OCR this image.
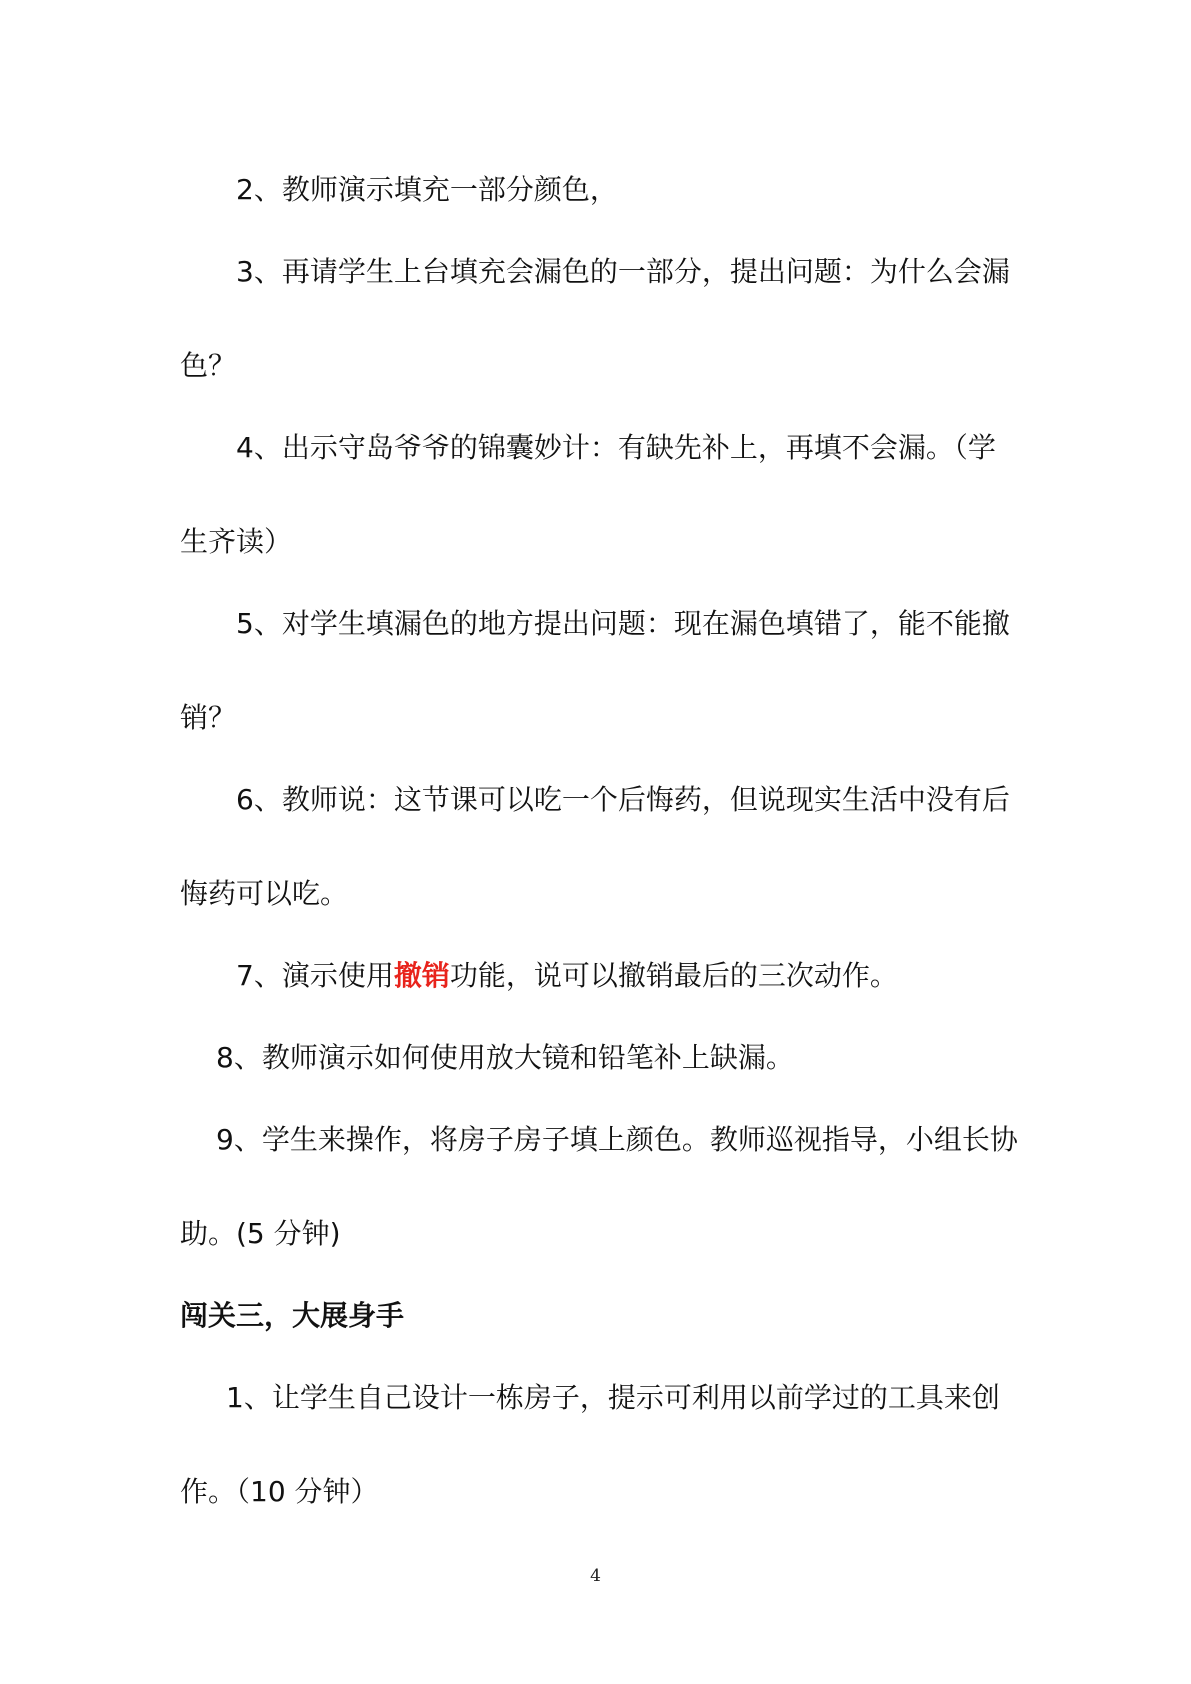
2、教师演示填充一部分颜色，

3、再请学生上台填充会漏色的一部分，提出问题：为什么会漏

色？

4、出示守岛爷爷的锦囊妙计：有缺先补上，再填不会漏。（学

生齐读）

5、对学生填漏色的地方提出问题：现在漏色填错了，能不能撤

销？

6、教师说：这节课可以吃一个后悔药，但说现实生活中没有后

悔药可以吃。

7、演示使用撤销功能，说可以撤销最后的三次动作。

8、教师演示如何使用放大镜和铅笔补上缺漏。

9、学生来操作，将房子房子填上颜色。教师巡视指导，小组长协

助。(5 分钟)

闯关三，大展身手

1、让学生自己设计一栋房子，提示可利用以前学过的工具来创

作。（10 分钟）

4
